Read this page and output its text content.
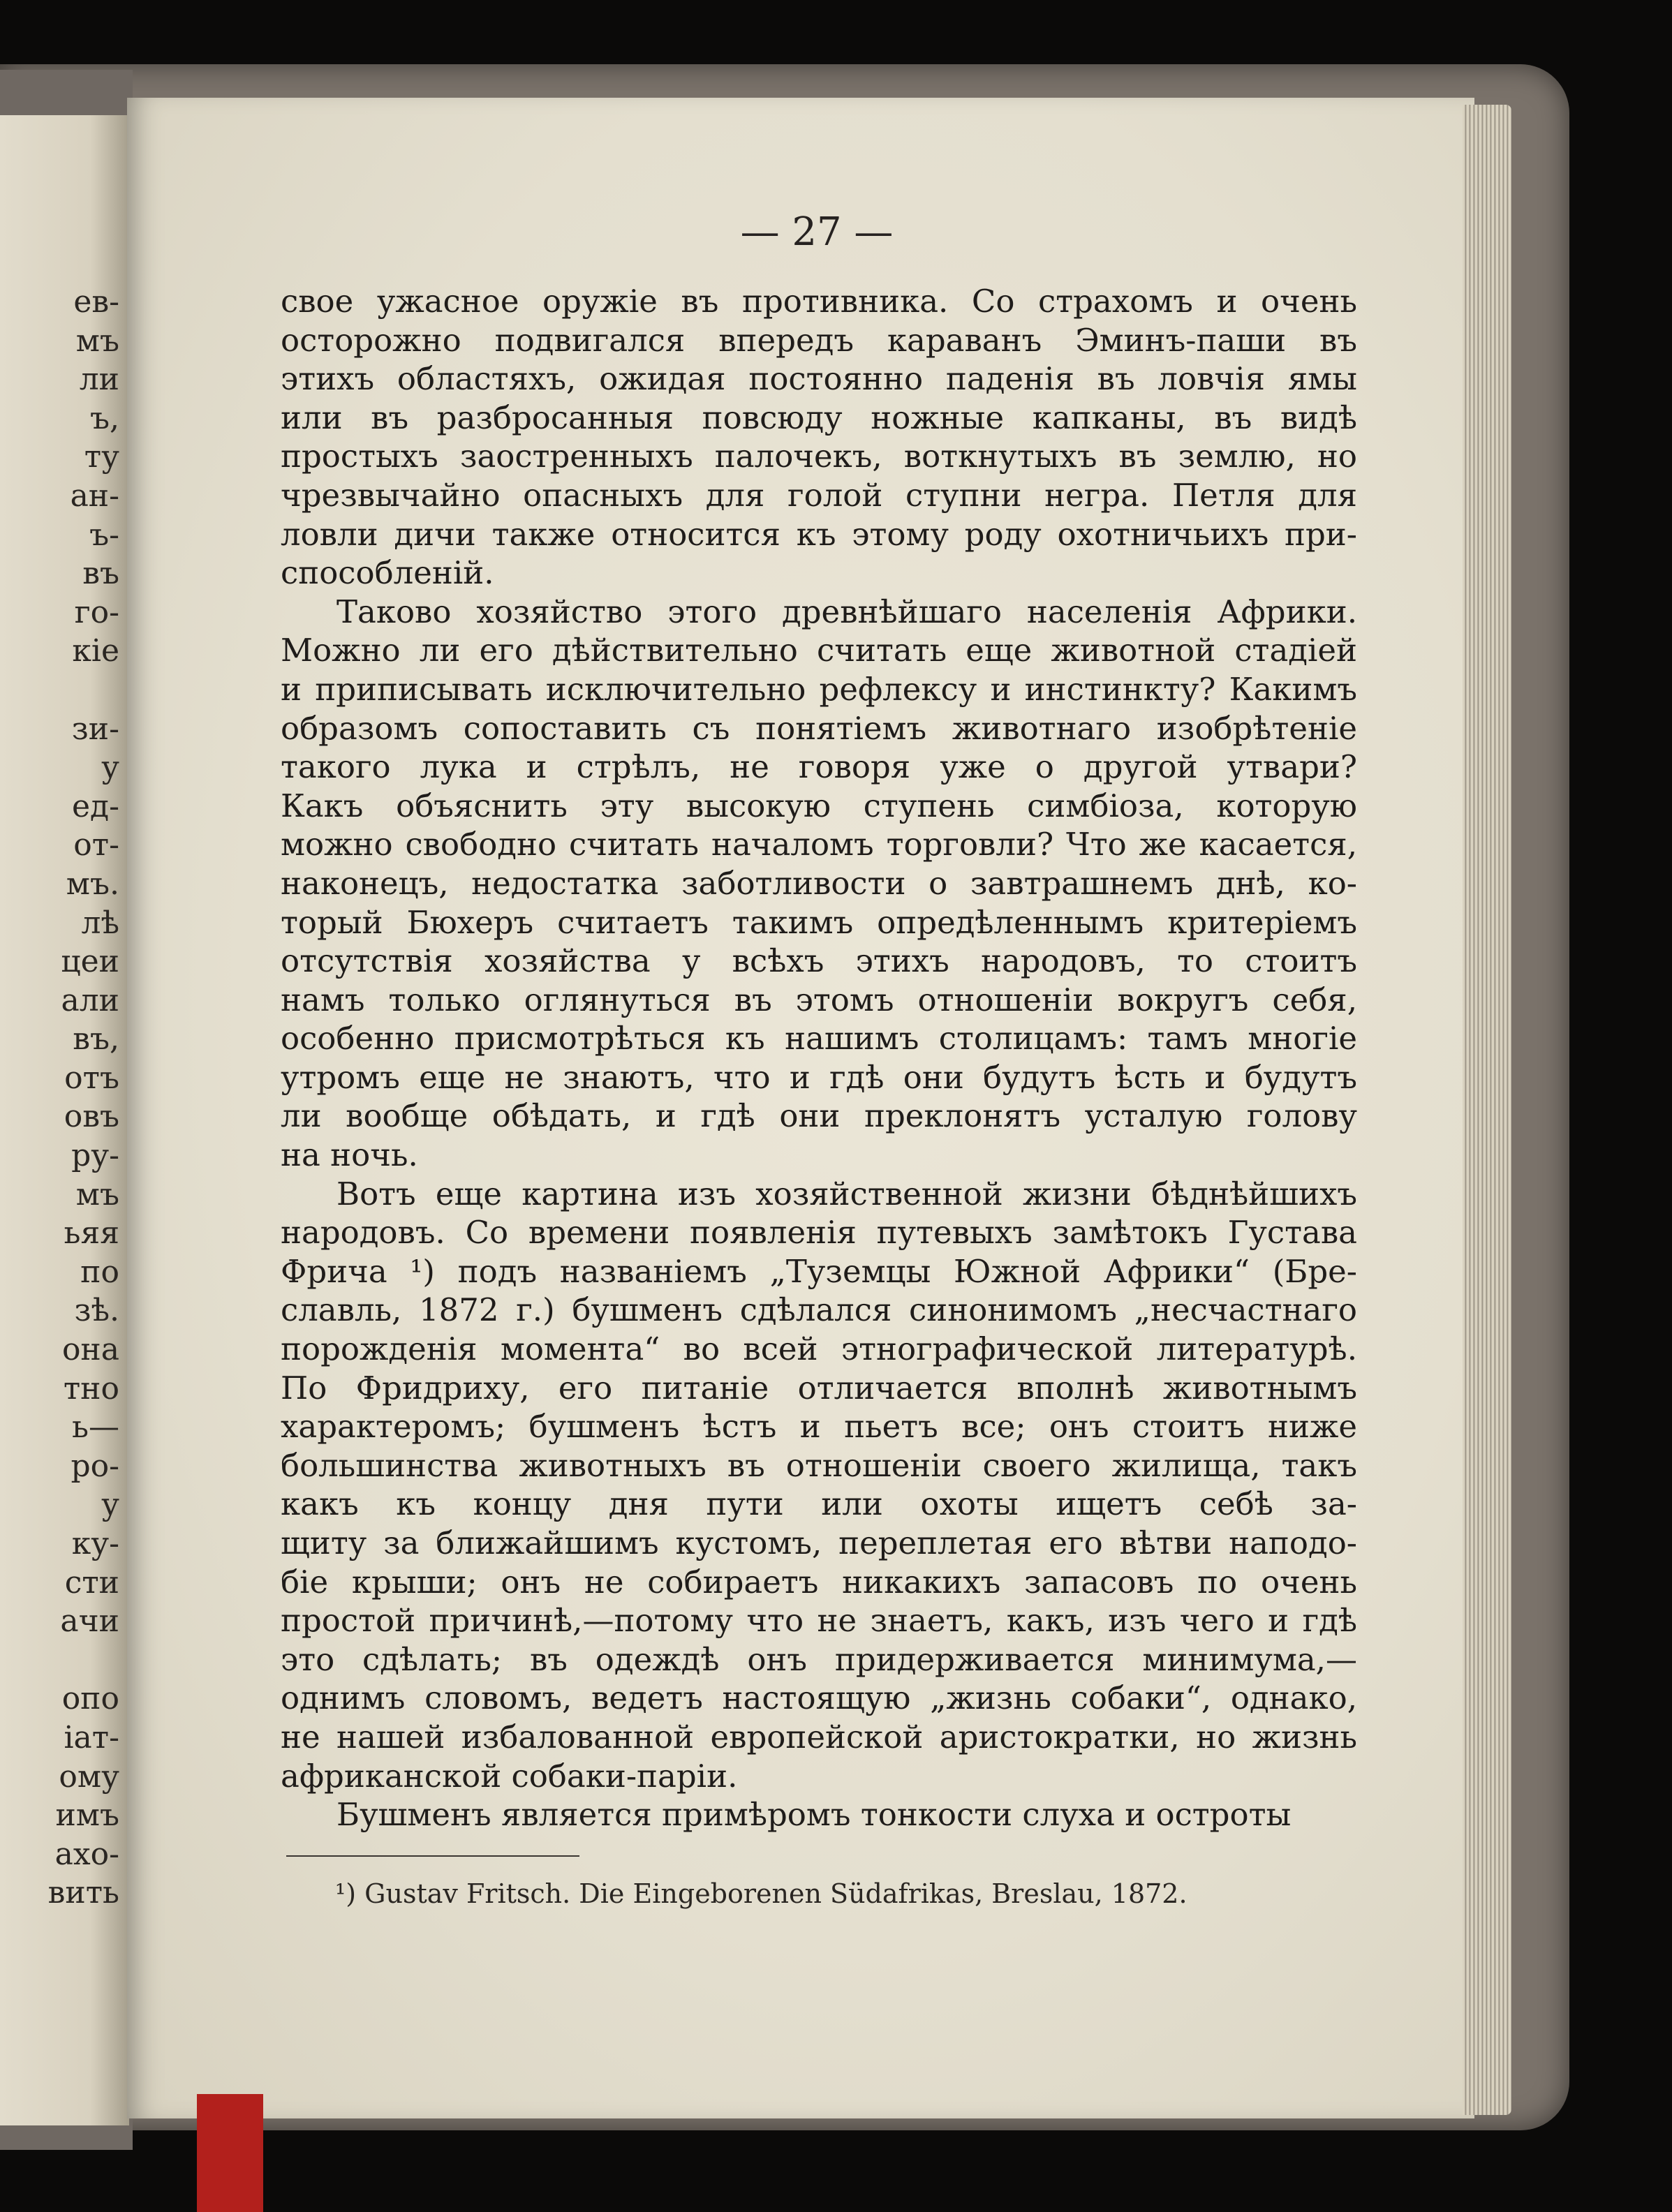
ев-
мъ
ли
ъ,
ту
ан-
ъ-
въ
го-
кіе
зи-
у
ед-
от-
мъ.
лѣ
цеи
али
въ,
отъ
овъ
ру-
мъ
ьяя
по
зѣ.
она
тно
ь—
ро-
у
ку-
сти
ачи
опо
іат-
ому
имъ
ахо-
вить
— 27 —
свое ужасное оружіе въ противника. Со страхомъ и очень
осторожно подвигался впередъ караванъ Эминъ-паши въ
этихъ областяхъ, ожидая постоянно паденія въ ловчія ямы
или въ разбросанныя повсюду ножные капканы, въ видѣ
простыхъ заостренныхъ палочекъ, воткнутыхъ въ землю, но
чрезвычайно опасныхъ для голой ступни негра. Петля для
ловли дичи также относится къ этому роду охотничьихъ при-
способленій.
Таково хозяйство этого древнѣйшаго населенія Африки.
Можно ли его дѣйствительно считать еще животной стадіей
и приписывать исключительно рефлексу и инстинкту? Какимъ
образомъ сопоставить съ понятіемъ животнаго изобрѣтеніе
такого лука и стрѣлъ, не говоря уже о другой утвари?
Какъ объяснить эту высокую ступень симбіоза, которую
можно свободно считать началомъ торговли? Что же касается,
наконецъ, недостатка заботливости о завтрашнемъ днѣ, ко-
торый Бюхеръ считаетъ такимъ опредѣленнымъ критеріемъ
отсутствія хозяйства у всѣхъ этихъ народовъ, то стоитъ
намъ только оглянуться въ этомъ отношеніи вокругъ себя,
особенно присмотрѣться къ нашимъ столицамъ: тамъ многіе
утромъ еще не знаютъ, что и гдѣ они будутъ ѣсть и будутъ
ли вообще обѣдать, и гдѣ они преклонятъ усталую голову
на ночь.
Вотъ еще картина изъ хозяйственной жизни бѣднѣйшихъ
народовъ. Со времени появленія путевыхъ замѣтокъ Густава
Фрича ¹) подъ названіемъ „Туземцы Южной Африки“ (Бре-
славль, 1872 г.) бушменъ сдѣлался синонимомъ „несчастнаго
порожденія момента“ во всей этнографической литературѣ.
По Фридриху, его питаніе отличается вполнѣ животнымъ
характеромъ; бушменъ ѣстъ и пьетъ все; онъ стоитъ ниже
большинства животныхъ въ отношеніи своего жилища, такъ
какъ къ концу дня пути или охоты ищетъ себѣ за-
щиту за ближайшимъ кустомъ, переплетая его вѣтви наподо-
біе крыши; онъ не собираетъ никакихъ запасовъ по очень
простой причинѣ,—потому что не знаетъ, какъ, изъ чего и гдѣ
это сдѣлать; въ одеждѣ онъ придерживается минимума,—
однимъ словомъ, ведетъ настоящую „жизнь собаки“, однако,
не нашей избалованной европейской аристократки, но жизнь
африканской собаки-паріи.
Бушменъ является примѣромъ тонкости слуха и остроты
¹) Gustav Fritsch. Die Eingeborenen Südafrikas, Breslau, 1872.
